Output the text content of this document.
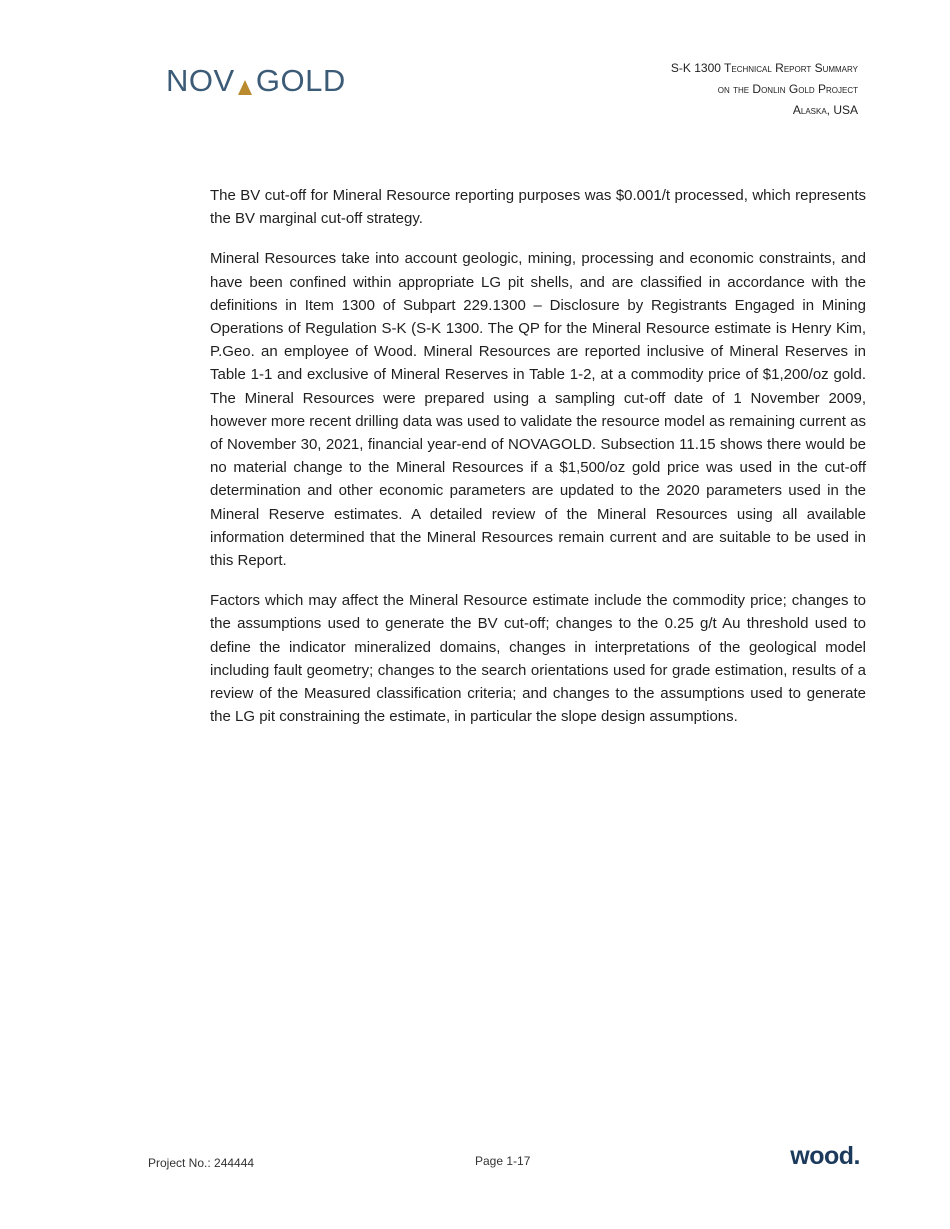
NOV GOLD	S-K 1300 Technical Report Summary
on the Donlin Gold Project
Alaska, USA

The BV cut-off for Mineral Resource reporting purposes was $0.001/t processed, which represents the BV marginal cut-off strategy.

Mineral Resources take into account geologic, mining, processing and economic constraints, and have been confined within appropriate LG pit shells, and are classified in accordance with the definitions in Item 1300 of Subpart 229.1300 – Disclosure by Registrants Engaged in Mining Operations of Regulation S-K (S-K 1300. The QP for the Mineral Resource estimate is Henry Kim, P.Geo. an employee of Wood. Mineral Resources are reported inclusive of Mineral Reserves in Table 1-1 and exclusive of Mineral Reserves in Table 1-2, at a commodity price of $1,200/oz gold. The Mineral Resources were prepared using a sampling cut-off date of 1 November 2009, however more recent drilling data was used to validate the resource model as remaining current as of November 30, 2021, financial year-end of NOVAGOLD. Subsection 11.15 shows there would be no material change to the Mineral Resources if a $1,500/oz gold price was used in the cut-off determination and other economic parameters are updated to the 2020 parameters used in the Mineral Reserve estimates. A detailed review of the Mineral Resources using all available information determined that the Mineral Resources remain current and are suitable to be used in this Report.

Factors which may affect the Mineral Resource estimate include the commodity price; changes to the assumptions used to generate the BV cut-off; changes to the 0.25 g/t Au threshold used to define the indicator mineralized domains, changes in interpretations of the geological model including fault geometry; changes to the search orientations used for grade estimation, results of a review of the Measured classification criteria; and changes to the assumptions used to generate the LG pit constraining the estimate, in particular the slope design assumptions.

Project No.: 244444	Page 1-17	wood.
